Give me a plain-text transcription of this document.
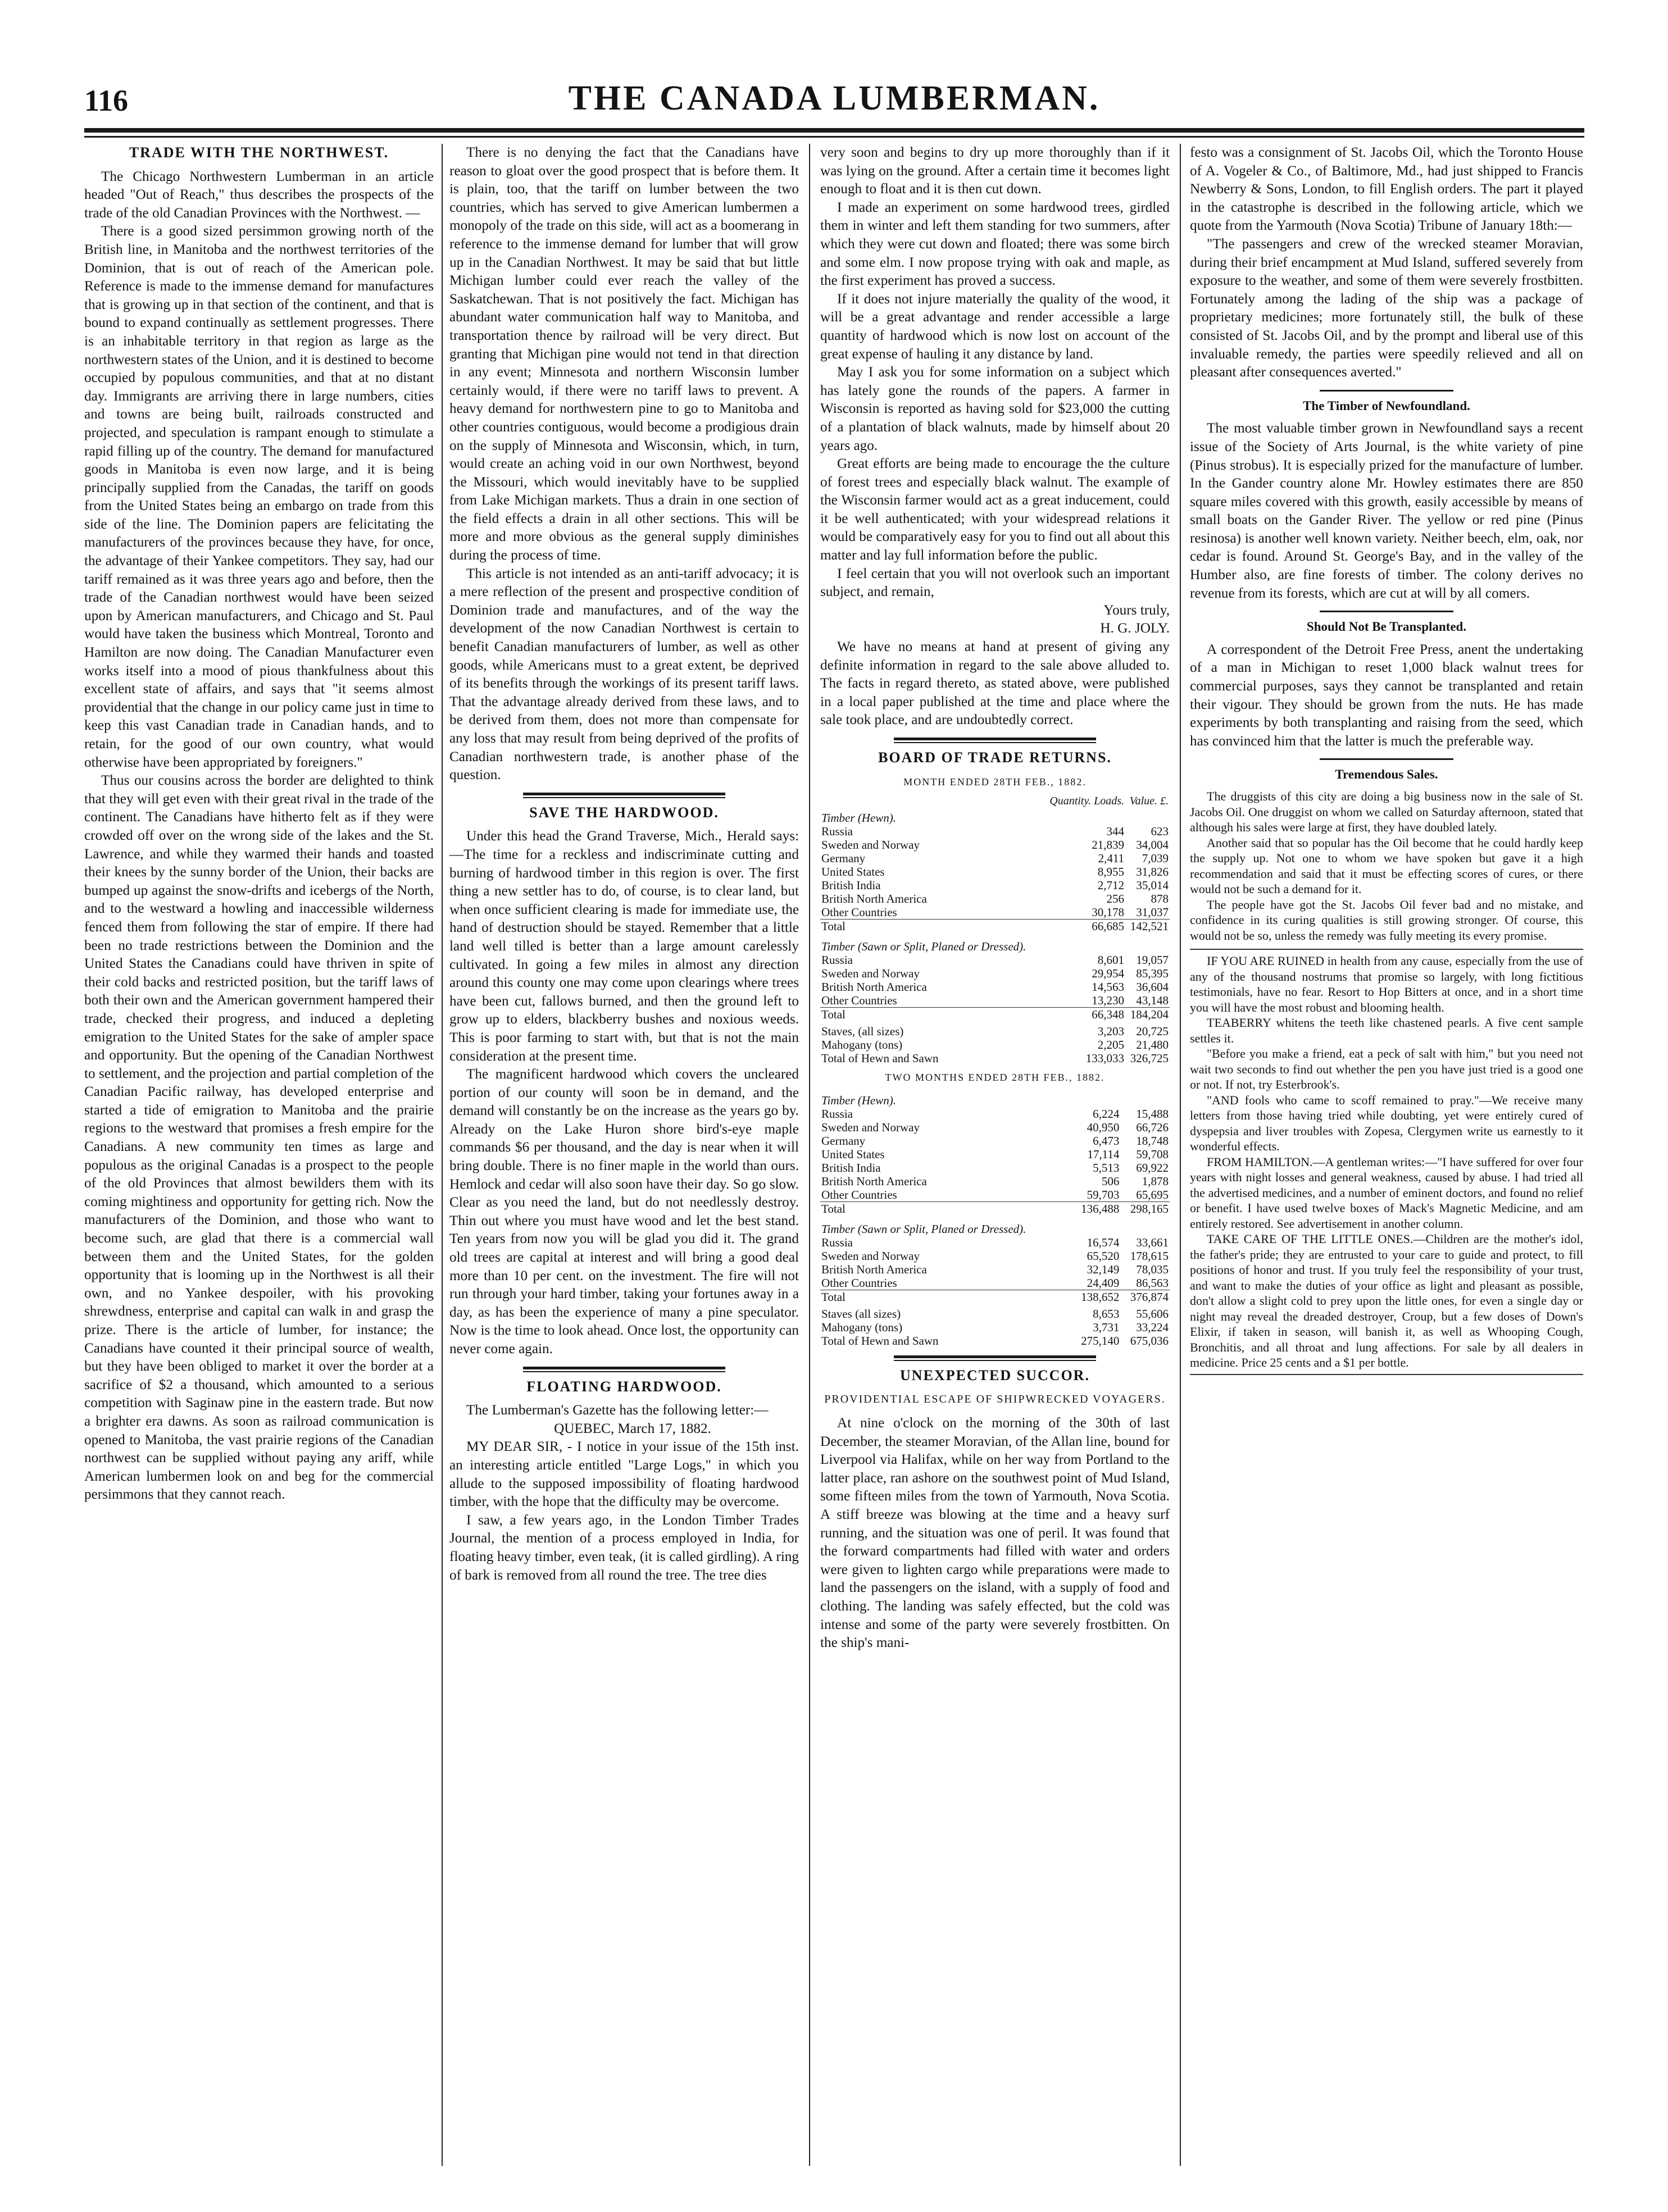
116	THE CANADA LUMBERMAN.
TRADE WITH THE NORTHWEST.

The Chicago Northwestern Lumberman in an article headed "Out of Reach," thus describes the prospects of the trade of the old Canadian Provinces with the Northwest. —

There is a good sized persimmon growing north of the British line, in Manitoba and the northwest territories of the Dominion, that is out of reach of the American pole. Reference is made to the immense demand for manufactures that is growing up in that section of the continent, and that is bound to expand continually as settlement progresses. There is an inhabitable territory in that region as large as the northwestern states of the Union, and it is destined to become occupied by populous communities, and that at no distant day. Immigrants are arriving there in large numbers, cities and towns are being built, railroads constructed and projected, and speculation is rampant enough to stimulate a rapid filling up of the country. The demand for manufactured goods in Manitoba is even now large, and it is being principally supplied from the Canadas, the tariff on goods from the United States being an embargo on trade from this side of the line. The Dominion papers are felicitating the manufacturers of the provinces because they have, for once, the advantage of their Yankee competitors. They say, had our tariff remained as it was three years ago and before, then the trade of the Canadian northwest would have been seized upon by American manufacturers, and Chicago and St. Paul would have taken the business which Montreal, Toronto and Hamilton are now doing. The Canadian Manufacturer even works itself into a mood of pious thankfulness about this excellent state of affairs, and says that "it seems almost providential that the change in our policy came just in time to keep this vast Canadian trade in Canadian hands, and to retain, for the good of our own country, what would otherwise have been appropriated by foreigners."

Thus our cousins across the border are delighted to think that they will get even with their great rival in the trade of the continent. The Canadians have hitherto felt as if they were crowded off over on the wrong side of the lakes and the St. Lawrence, and while they warmed their hands and toasted their knees by the sunny border of the Union, their backs are bumped up against the snow-drifts and icebergs of the North, and to the westward a howling and inaccessible wilderness fenced them from following the star of empire. If there had been no trade restrictions between the Dominion and the United States the Canadians could have thriven in spite of their cold backs and restricted position, but the tariff laws of both their own and the American government hampered their trade, checked their progress, and induced a depleting emigration to the United States for the sake of ampler space and opportunity. But the opening of the Canadian Northwest to settlement, and the projection and partial completion of the Canadian Pacific railway, has developed enterprise and started a tide of emigration to Manitoba and the prairie regions to the westward that promises a fresh empire for the Canadians. A new community ten times as large and populous as the original Canadas is a prospect to the people of the old Provinces that almost bewilders them with its coming mightiness and opportunity for getting rich. Now the manufacturers of the Dominion, and those who want to become such, are glad that there is a commercial wall between them and the United States, for the golden opportunity that is looming up in the Northwest is all their own, and no Yankee despoiler, with his provoking shrewdness, enterprise and capital can walk in and grasp the prize. There is the article of lumber, for instance; the Canadians have counted it their principal source of wealth, but they have been obliged to market it over the border at a sacrifice of $2 a thousand, which amounted to a serious competition with Saginaw pine in the eastern trade. But now a brighter era dawns. As soon as railroad communication is opened to Manitoba, the vast prairie regions of the Canadian northwest can be supplied without paying any ariff, while American lumbermen look on and beg for the commercial persimmons that they cannot reach.

There is no denying the fact that the Canadians have reason to gloat over the good prospect that is before them. It is plain, too, that the tariff on lumber between the two countries, which has served to give American lumbermen a monopoly of the trade on this side, will act as a boomerang in reference to the immense demand for lumber that will grow up in the Canadian Northwest. It may be said that but little Michigan lumber could ever reach the valley of the Saskatchewan. That is not positively the fact. Michigan has abundant water communication half way to Manitoba, and transportation thence by railroad will be very direct. But granting that Michigan pine would not tend in that direction in any event; Minnesota and northern Wisconsin lumber certainly would, if there were no tariff laws to prevent. A heavy demand for northwestern pine to go to Manitoba and other countries contiguous, would become a prodigious drain on the supply of Minnesota and Wisconsin, which, in turn, would create an aching void in our own Northwest, beyond the Missouri, which would inevitably have to be supplied from Lake Michigan markets. Thus a drain in one section of the field effects a drain in all other sections. This will be more and more obvious as the general supply diminishes during the process of time.

This article is not intended as an anti-tariff advocacy; it is a mere reflection of the present and prospective condition of Dominion trade and manufactures, and of the way the development of the now Canadian Northwest is certain to benefit Canadian manufacturers of lumber, as well as other goods, while Americans must to a great extent, be deprived of its benefits through the workings of its present tariff laws. That the advantage already derived from these laws, and to be derived from them, does not more than compensate for any loss that may result from being deprived of the profits of Canadian northwestern trade, is another phase of the question.

SAVE THE HARDWOOD.

Under this head the Grand Traverse, Mich., Herald says:—The time for a reckless and indiscriminate cutting and burning of hardwood timber in this region is over. The first thing a new settler has to do, of course, is to clear land, but when once sufficient clearing is made for immediate use, the hand of destruction should be stayed. Remember that a little land well tilled is better than a large amount carelessly cultivated. In going a few miles in almost any direction around this county one may come upon clearings where trees have been cut, fallows burned, and then the ground left to grow up to elders, blackberry bushes and noxious weeds. This is poor farming to start with, but that is not the main consideration at the present time.

The magnificent hardwood which covers the uncleared portion of our county will soon be in demand, and the demand will constantly be on the increase as the years go by. Already on the Lake Huron shore bird's-eye maple commands $6 per thousand, and the day is near when it will bring double. There is no finer maple in the world than ours. Hemlock and cedar will also soon have their day. So go slow. Clear as you need the land, but do not needlessly destroy. Thin out where you must have wood and let the best stand. Ten years from now you will be glad you did it. The grand old trees are capital at interest and will bring a good deal more than 10 per cent. on the investment. The fire will not run through your hard timber, taking your fortunes away in a day, as has been the experience of many a pine speculator. Now is the time to look ahead. Once lost, the opportunity can never come again.

FLOATING HARDWOOD.

The Lumberman's Gazette has the following letter:—

QUEBEC, March 17, 1882.

MY DEAR SIR, - I notice in your issue of the 15th inst. an interesting article entitled "Large Logs," in which you allude to the supposed impossibility of floating hardwood timber, with the hope that the difficulty may be overcome.

I saw, a few years ago, in the London Timber Trades Journal, the mention of a process employed in India, for floating heavy timber, even teak, (it is called girdling). A ring of bark is removed from all round the tree. The tree dies

very soon and begins to dry up more thoroughly than if it was lying on the ground. After a certain time it becomes light enough to float and it is then cut down.

I made an experiment on some hardwood trees, girdled them in winter and left them standing for two summers, after which they were cut down and floated; there was some birch and some elm. I now propose trying with oak and maple, as the first experiment has proved a success.

If it does not injure materially the quality of the wood, it will be a great advantage and render accessible a large quantity of hardwood which is now lost on account of the great expense of hauling it any distance by land.

May I ask you for some information on a subject which has lately gone the rounds of the papers. A farmer in Wisconsin is reported as having sold for $23,000 the cutting of a plantation of black walnuts, made by himself about 20 years ago.

Great efforts are being made to encourage the the culture of forest trees and especially black walnut. The example of the Wisconsin farmer would act as a great inducement, could it be well authenticated; with your widespread relations it would be comparatively easy for you to find out all about this matter and lay full information before the public.

I feel certain that you will not overlook such an important subject, and remain,

Yours truly,

H. G. JOLY.

We have no means at hand at present of giving any definite information in regard to the sale above alluded to. The facts in regard thereto, as stated above, were published in a local paper published at the time and place where the sale took place, and are undoubtedly correct.

BOARD OF TRADE RETURNS.
MONTH ENDED 28TH FEB., 1882.
	Quantity. Loads.	Value. £.
Timber (Hewn).		
Russia	344	623
Sweden and Norway	21,839	34,004
Germany	2,411	7,039
United States	8,955	31,826
British India	2,712	35,014
British North America	256	878
Other Countries	30,178	31,037
Total	66,685	142,521
Timber (Sawn or Split, Planed or Dressed).		
Russia	8,601	19,057
Sweden and Norway	29,954	85,395
British North America	14,563	36,604
Other Countries	13,230	43,148
Total	66,348	184,204
Staves, (all sizes)	3,203	20,725
Mahogany (tons)	2,205	21,480
Total of Hewn and Sawn	133,033	326,725
TWO MONTHS ENDED 28TH FEB., 1882.
Timber (Hewn).		
Russia	6,224	15,488
Sweden and Norway	40,950	66,726
Germany	6,473	18,748
United States	17,114	59,708
British India	5,513	69,922
British North America	506	1,878
Other Countries	59,703	65,695
Total	136,488	298,165
Timber (Sawn or Split, Planed or Dressed).		
Russia	16,574	33,661
Sweden and Norway	65,520	178,615
British North America	32,149	78,035
Other Countries	24,409	86,563
Total	138,652	376,874
Staves (all sizes)	8,653	55,606
Mahogany (tons)	3,731	33,224
Total of Hewn and Sawn	275,140	675,036
UNEXPECTED SUCCOR.
PROVIDENTIAL ESCAPE OF SHIPWRECKED VOYAGERS.

At nine o'clock on the morning of the 30th of last December, the steamer Moravian, of the Allan line, bound for Liverpool via Halifax, while on her way from Portland to the latter place, ran ashore on the southwest point of Mud Island, some fifteen miles from the town of Yarmouth, Nova Scotia. A stiff breeze was blowing at the time and a heavy surf running, and the situation was one of peril. It was found that the forward compartments had filled with water and orders were given to lighten cargo while preparations were made to land the passengers on the island, with a supply of food and clothing. The landing was safely effected, but the cold was intense and some of the party were severely frostbitten. On the ship's mani-

festo was a consignment of St. Jacobs Oil, which the Toronto House of A. Vogeler & Co., of Baltimore, Md., had just shipped to Francis Newberry & Sons, London, to fill English orders. The part it played in the catastrophe is described in the following article, which we quote from the Yarmouth (Nova Scotia) Tribune of January 18th:—

"The passengers and crew of the wrecked steamer Moravian, during their brief encampment at Mud Island, suffered severely from exposure to the weather, and some of them were severely frostbitten. Fortunately among the lading of the ship was a package of proprietary medicines; more fortunately still, the bulk of these consisted of St. Jacobs Oil, and by the prompt and liberal use of this invaluable remedy, the parties were speedily relieved and all on pleasant after consequences averted."

The Timber of Newfoundland.

The most valuable timber grown in Newfoundland says a recent issue of the Society of Arts Journal, is the white variety of pine (Pinus strobus). It is especially prized for the manufacture of lumber. In the Gander country alone Mr. Howley estimates there are 850 square miles covered with this growth, easily accessible by means of small boats on the Gander River. The yellow or red pine (Pinus resinosa) is another well known variety. Neither beech, elm, oak, nor cedar is found. Around St. George's Bay, and in the valley of the Humber also, are fine forests of timber. The colony derives no revenue from its forests, which are cut at will by all comers.

Should Not Be Transplanted.

A correspondent of the Detroit Free Press, anent the undertaking of a man in Michigan to reset 1,000 black walnut trees for commercial purposes, says they cannot be transplanted and retain their vigour. They should be grown from the nuts. He has made experiments by both transplanting and raising from the seed, which has convinced him that the latter is much the preferable way.

Tremendous Sales.

The druggists of this city are doing a big business now in the sale of St. Jacobs Oil. One druggist on whom we called on Saturday afternoon, stated that although his sales were large at first, they have doubled lately.

Another said that so popular has the Oil become that he could hardly keep the supply up. Not one to whom we have spoken but gave it a high recommendation and said that it must be effecting scores of cures, or there would not be such a demand for it.

The people have got the St. Jacobs Oil fever bad and no mistake, and confidence in its curing qualities is still growing stronger. Of course, this would not be so, unless the remedy was fully meeting its every promise.

IF YOU ARE RUINED in health from any cause, especially from the use of any of the thousand nostrums that promise so largely, with long fictitious testimonials, have no fear. Resort to Hop Bitters at once, and in a short time you will have the most robust and blooming health.

TEABERRY whitens the teeth like chastened pearls. A five cent sample settles it.

"Before you make a friend, eat a peck of salt with him," but you need not wait two seconds to find out whether the pen you have just tried is a good one or not. If not, try Esterbrook's.

"AND fools who came to scoff remained to pray."—We receive many letters from those having tried while doubting, yet were entirely cured of dyspepsia and liver troubles with Zopesa, Clergymen write us earnestly to it wonderful effects.

FROM HAMILTON.—A gentleman writes:—"I have suffered for over four years with night losses and general weakness, caused by abuse. I had tried all the advertised medicines, and a number of eminent doctors, and found no relief or benefit. I have used twelve boxes of Mack's Magnetic Medicine, and am entirely restored. See advertisement in another column.

TAKE CARE OF THE LITTLE ONES.—Children are the mother's idol, the father's pride; they are entrusted to your care to guide and protect, to fill positions of honor and trust. If you truly feel the responsibility of your trust, and want to make the duties of your office as light and pleasant as possible, don't allow a slight cold to prey upon the little ones, for even a single day or night may reveal the dreaded destroyer, Croup, but a few doses of Down's Elixir, if taken in season, will banish it, as well as Whooping Cough, Bronchitis, and all throat and lung affections. For sale by all dealers in medicine. Price 25 cents and a $1 per bottle.
